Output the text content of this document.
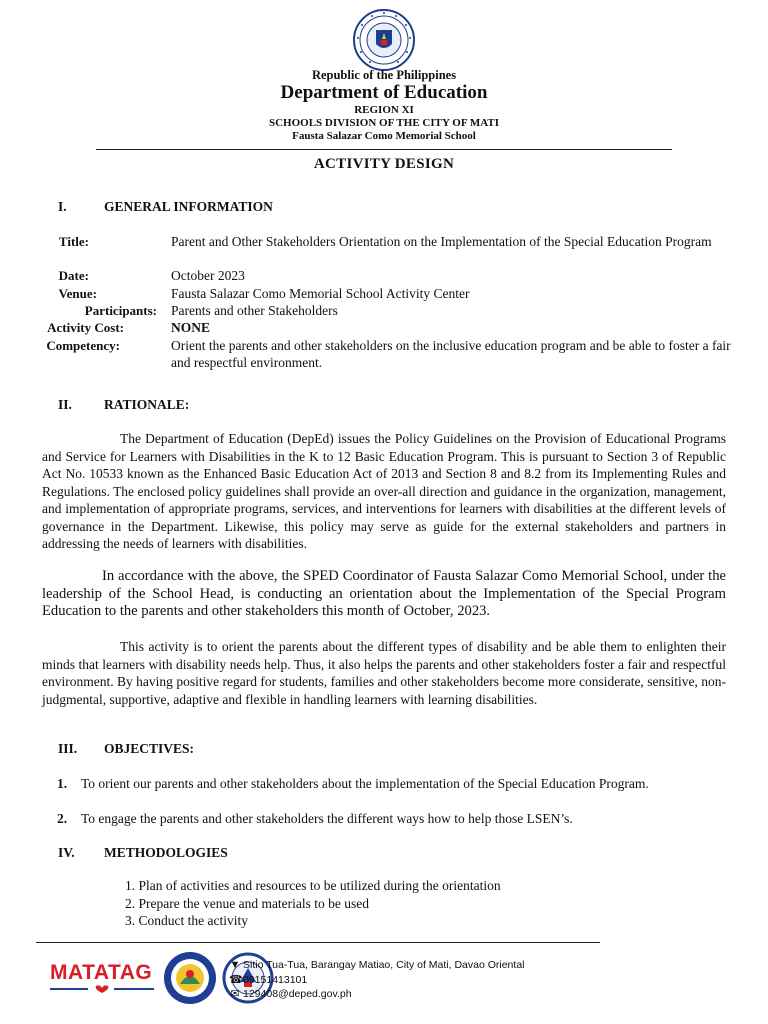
Republic of the Philippines
Department of Education
REGION XI
SCHOOLS DIVISION OF THE CITY OF MATI
Fausta Salazar Como Memorial School
ACTIVITY DESIGN
I.	GENERAL INFORMATION
Title:	Parent and Other Stakeholders Orientation on the Implementation of the Special Education Program
Date:	October 2023
Venue:	Fausta Salazar Como Memorial School Activity Center
Participants: Parents and other Stakeholders
Activity Cost:	NONE
Competency:	Orient the parents and other stakeholders on the inclusive education program and be able to foster a fair and respectful environment.
II. RATIONALE:
The Department of Education (DepEd) issues the Policy Guidelines on the Provision of Educational Programs and Service for Learners with Disabilities in the K to 12 Basic Education Program. This is pursuant to Section 3 of Republic Act No. 10533 known as the Enhanced Basic Education Act of 2013 and Section 8 and 8.2 from its Implementing Rules and Regulations. The enclosed policy guidelines shall provide an over-all direction and guidance in the organization, management, and implementation of appropriate programs, services, and interventions for learners with disabilities at the different levels of governance in the Department. Likewise, this policy may serve as guide for the external stakeholders and partners in addressing the needs of learners with disabilities.
In accordance with the above, the SPED Coordinator of Fausta Salazar Como Memorial School, under the leadership of the School Head, is conducting an orientation about the Implementation of the Special Program Education to the parents and other stakeholders this month of October, 2023.
This activity is to orient the parents about the different types of disability and be able them to enlighten their minds that learners with disability needs help. Thus, it also helps the parents and other stakeholders foster a fair and respectful environment. By having positive regard for students, families and other stakeholders become more considerate, sensitive, non-judgmental, supportive, adaptive and flexible in handling learners with learning disabilities.
III. OBJECTIVES:
1. To orient our parents and other stakeholders about the implementation of the Special Education Program.
2. To engage the parents and other stakeholders the different ways how to help those LSEN’s.
IV. METHODOLOGIES
1. Plan of activities and resources to be utilized during the orientation
2. Prepare the venue and materials to be used
3. Conduct the activity
MATATAG	▼ Sitio Tua-Tua, Barangay Matiao, City of Mati, Davao Oriental
☎09151413101
✉ 129408@deped.gov.ph
